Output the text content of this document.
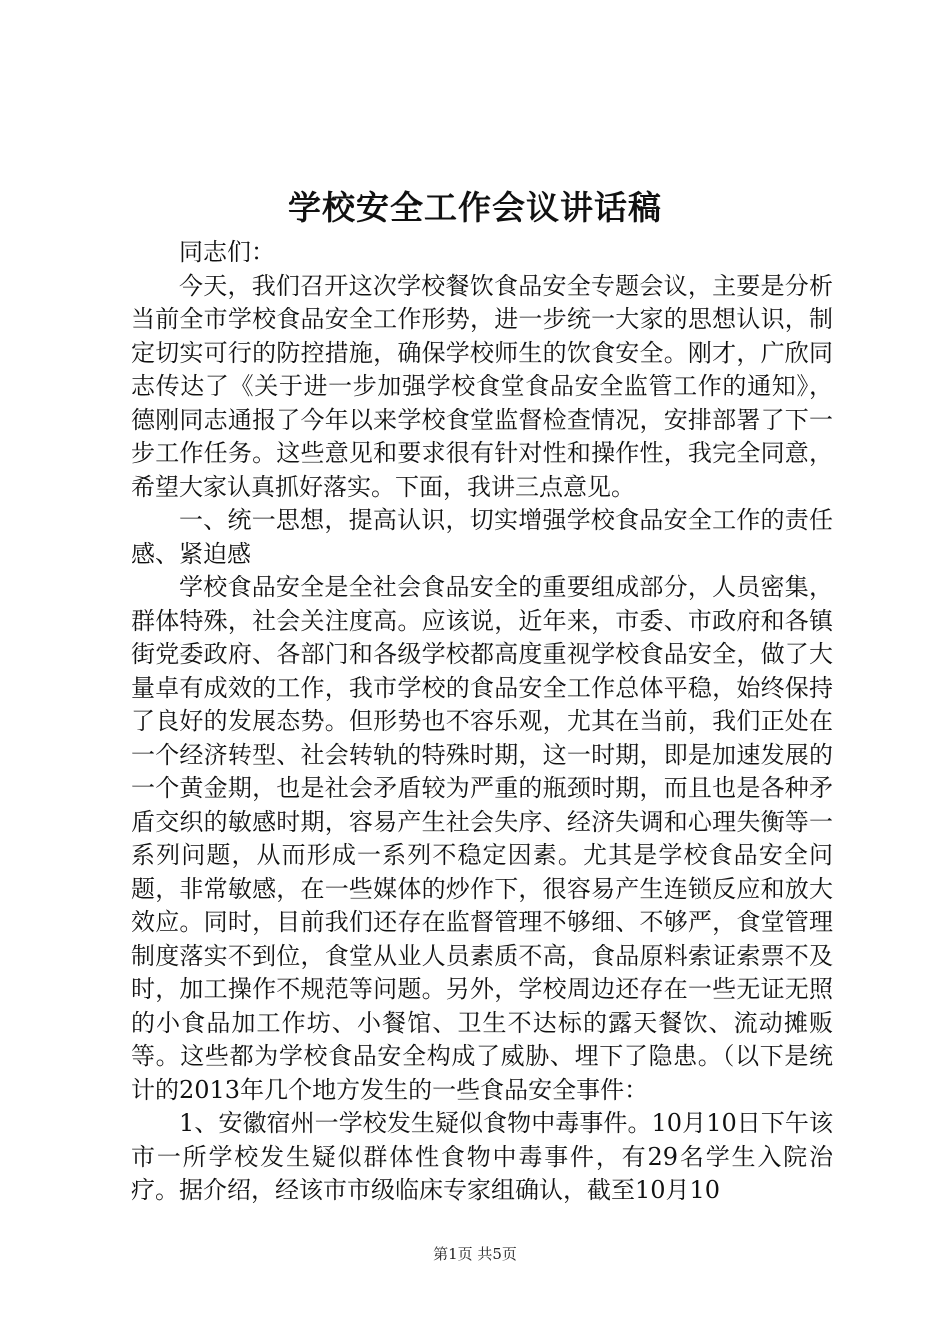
学校安全工作会议讲话稿

同志们：

今天，我们召开这次学校餐饮食品安全专题会议，主要是分析当前全市学校食品安全工作形势，进一步统一大家的思想认识，制定切实可行的防控措施，确保学校师生的饮食安全。刚才，广欣同志传达了《关于进一步加强学校食堂食品安全监管工作的通知》，德刚同志通报了今年以来学校食堂监督检查情况，安排部署了下一步工作任务。这些意见和要求很有针对性和操作性，我完全同意，希望大家认真抓好落实。下面，我讲三点意见。

一、统一思想，提高认识，切实增强学校食品安全工作的责任感、紧迫感

学校食品安全是全社会食品安全的重要组成部分，人员密集，群体特殊，社会关注度高。应该说，近年来，市委、市政府和各镇街党委政府、各部门和各级学校都高度重视学校食品安全，做了大量卓有成效的工作，我市学校的食品安全工作总体平稳，始终保持了良好的发展态势。但形势也不容乐观，尤其在当前，我们正处在一个经济转型、社会转轨的特殊时期，这一时期，即是加速发展的一个黄金期，也是社会矛盾较为严重的瓶颈时期，而且也是各种矛盾交织的敏感时期，容易产生社会失序、经济失调和心理失衡等一系列问题，从而形成一系列不稳定因素。尤其是学校食品安全问题，非常敏感，在一些媒体的炒作下，很容易产生连锁反应和放大效应。同时，目前我们还存在监督管理不够细、不够严，食堂管理制度落实不到位，食堂从业人员素质不高，食品原料索证索票不及时，加工操作不规范等问题。另外，学校周边还存在一些无证无照的小食品加工作坊、小餐馆、卫生不达标的露天餐饮、流动摊贩等。这些都为学校食品安全构成了威胁、埋下了隐患。（以下是统计的2013年几个地方发生的一些食品安全事件：

1、安徽宿州一学校发生疑似食物中毒事件。10月10日下午该市一所学校发生疑似群体性食物中毒事件，有29名学生入院治疗。据介绍，经该市市级临床专家组确认，截至10月10

第1页 共5页
